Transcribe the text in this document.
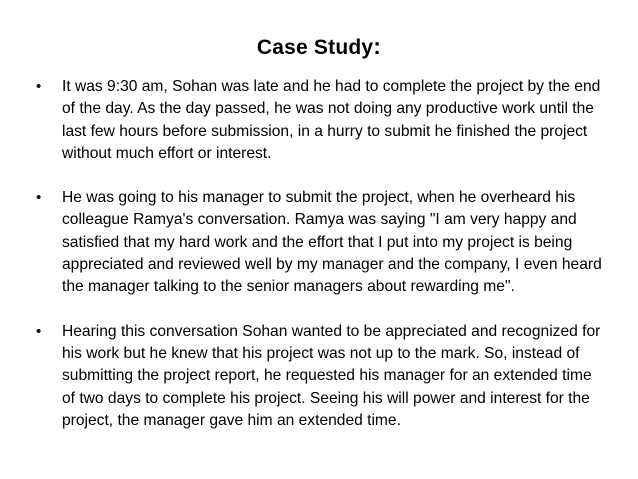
Case Study:
• It was 9:30 am, Sohan was late and he had to complete the project by the end of the day. As the day passed, he was not doing any productive work until the last few hours before submission, in a hurry to submit he finished the project without much effort or interest.
• He was going to his manager to submit the project, when he overheard his colleague Ramya's conversation. Ramya was saying "I am very happy and satisfied that my hard work and the effort that I put into my project is being appreciated and reviewed well by my manager and the company, I even heard the manager talking to the senior managers about rewarding me".
• Hearing this conversation Sohan wanted to be appreciated and recognized for his work but he knew that his project was not up to the mark. So, instead of submitting the project report, he requested his manager for an extended time of two days to complete his project. Seeing his will power and interest for the project, the manager gave him an extended time.
